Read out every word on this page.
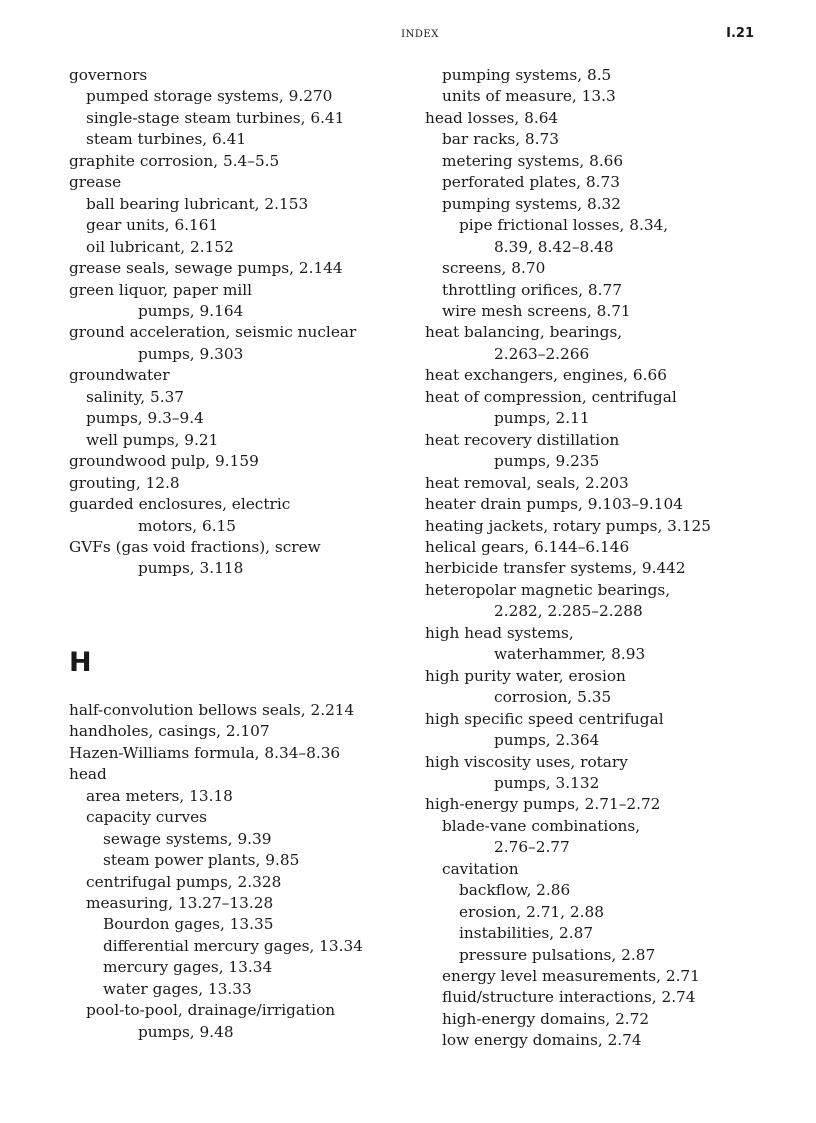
INDEX	I.21
governors
pumped storage systems, 9.270
single-stage steam turbines, 6.41
steam turbines, 6.41
graphite corrosion, 5.4–5.5
grease
ball bearing lubricant, 2.153
gear units, 6.161
oil lubricant, 2.152
grease seals, sewage pumps, 2.144
green liquor, paper mill
pumps, 9.164
ground acceleration, seismic nuclear
pumps, 9.303
groundwater
salinity, 5.37
pumps, 9.3–9.4
well pumps, 9.21
groundwood pulp, 9.159
grouting, 12.8
guarded enclosures, electric
motors, 6.15
GVFs (gas void fractions), screw
pumps, 3.118
H
half-convolution bellows seals, 2.214
handholes, casings, 2.107
Hazen-Williams formula, 8.34–8.36
head
area meters, 13.18
capacity curves
sewage systems, 9.39
steam power plants, 9.85
centrifugal pumps, 2.328
measuring, 13.27–13.28
Bourdon gages, 13.35
differential mercury gages, 13.34
mercury gages, 13.34
water gages, 13.33
pool-to-pool, drainage/irrigation
pumps, 9.48
pumping systems, 8.5
units of measure, 13.3
head losses, 8.64
bar racks, 8.73
metering systems, 8.66
perforated plates, 8.73
pumping systems, 8.32
pipe frictional losses, 8.34,
8.39, 8.42–8.48
screens, 8.70
throttling orifices, 8.77
wire mesh screens, 8.71
heat balancing, bearings,
2.263–2.266
heat exchangers, engines, 6.66
heat of compression, centrifugal
pumps, 2.11
heat recovery distillation
pumps, 9.235
heat removal, seals, 2.203
heater drain pumps, 9.103–9.104
heating jackets, rotary pumps, 3.125
helical gears, 6.144–6.146
herbicide transfer systems, 9.442
heteropolar magnetic bearings,
2.282, 2.285–2.288
high head systems,
waterhammer, 8.93
high purity water, erosion
corrosion, 5.35
high specific speed centrifugal
pumps, 2.364
high viscosity uses, rotary
pumps, 3.132
high-energy pumps, 2.71–2.72
blade-vane combinations,
2.76–2.77
cavitation
backflow, 2.86
erosion, 2.71, 2.88
instabilities, 2.87
pressure pulsations, 2.87
energy level measurements, 2.71
fluid/structure interactions, 2.74
high-energy domains, 2.72
low energy domains, 2.74
